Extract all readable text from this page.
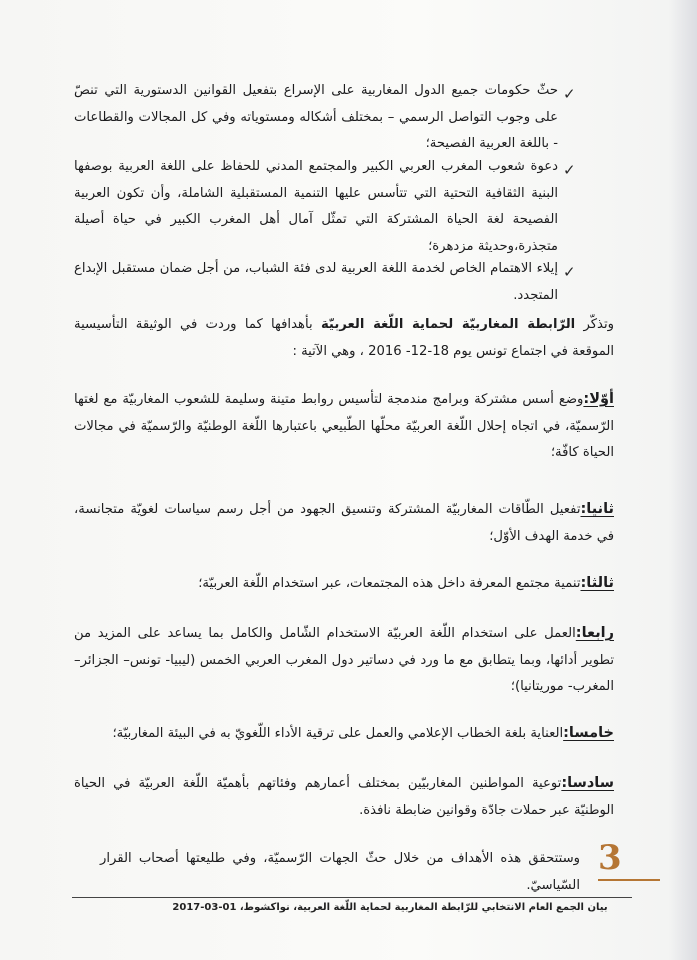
✓

حثّ حكومات جميع الدول المغاربية على الإسراع بتفعيل القوانين الدستورية التي تنصّ على وجوب التواصل الرسمي – بمختلف أشكاله ومستوياته وفي كل المجالات والقطاعات - باللغة العربية الفصيحة؛

✓

دعوة شعوب المغرب العربي الكبير والمجتمع المدني للحفاظ على اللغة العربية بوصفها البنية الثقافية التحتية التي تتأسس عليها التنمية المستقبلية الشاملة، وأن تكون العربية الفصيحة لغة الحياة المشتركة التي تمثّل آمال أهل المغرب الكبير في حياة أصيلة متجذرة،وحديثة مزدهرة؛

✓

إيلاء الاهتمام الخاص لخدمة اللغة العربية لدى فئة الشباب، من أجل ضمان مستقبل الإبداع المتجدد.

وتذكّر الرّابطة المغاربيّة لحماية اللّغة العربيّة بأهدافها كما وردت في الوثيقة التأسيسية الموقعة في اجتماع تونس يوم 18-12- 2016 ، وهي الآتية :

أوّلا:وضع أسس مشتركة وبرامج مندمجة لتأسيس روابط متينة وسليمة للشعوب المغاربيّة مع لغتها الرّسميّة، في اتجاه إحلال اللّغة العربيّة محلّها الطّبيعي باعتبارها اللّغة الوطنيّة والرّسميّة في مجالات الحياة كافّة؛

ثانيا:تفعيل الطّاقات المغاربيّة المشتركة وتنسيق الجهود من أجل رسم سياسات لغويّة متجانسة، في خدمة الهدف الأوّل؛

ثالثا:تنمية مجتمع المعرفة داخل هذه المجتمعات، عبر استخدام اللّغة العربيّة؛

رابعا:العمل على استخدام اللّغة العربيّة الاستخدام الشّامل والكامل بما يساعد على المزيد من تطوير أدائها، وبما يتطابق مع ما ورد في دساتير دول المغرب العربي الخمس (ليبيا- تونس– الجزائر– المغرب- موريتانيا)؛

خامسا:العناية بلغة الخطاب الإعلامي والعمل على ترقية الأداء اللّغويّ به في البيئة المغاربيّة؛

سادسا:توعية المواطنين المغاربيّين بمختلف أعمارهم وفئاتهم بأهميّة اللّغة العربيّة في الحياة الوطنيّة عبر حملات جادّة وقوانين ضابطة نافذة.

وستتحقق هذه الأهداف من خلال حثّ الجهات الرّسميّة، وفي طليعتها أصحاب القرار السّياسيّ.

3
بيان الجمع العام الانتخابي للرّابطة المغاربية لحماية اللّغة العربية، نواكشوط، 01-03-2017
